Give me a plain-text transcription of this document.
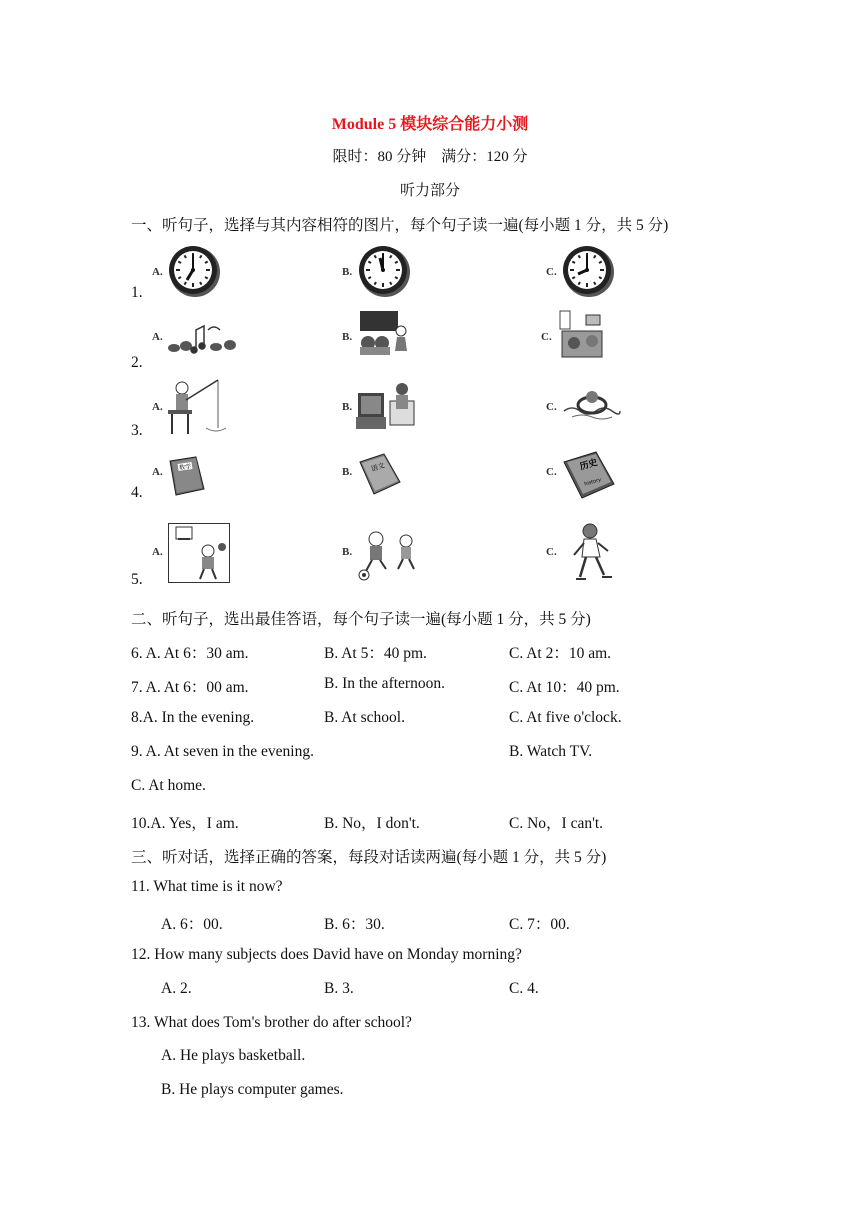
Module 5 模块综合能力小测
限时：80 分钟　满分：120 分
听力部分
一、听句子，选择与其内容相符的图片，每个句子读一遍(每小题 1 分，共 5 分)
1.
A.	B.	C.
2.
A.	B.	C.
3.
A.	B.	C.
4.
A.	B.	C.
数学	语文	历史
history
5.
A.	B.	C.
二、听句子，选出最佳答语，每个句子读一遍(每小题 1 分，共 5 分)
6. A. At 6：30 am.	B. At 5：40 pm.	C. At 2：10 am.
7. A. At 6：00 am.	B. In the afternoon.	C. At 10：40 pm.
8.A. In the evening.	B. At school.	C. At five o'clock.
9. A. At seven in the evening.	B. Watch TV.
C. At home.
10.A. Yes，I am.	B. No，I don't.	C. No，I can't.
三、听对话，选择正确的答案，每段对话读两遍(每小题 1 分，共 5 分)
11. What time is it now?
A. 6：00.	B. 6：30.	C. 7：00.
12. How many subjects does David have on Monday morning?
A. 2.	B. 3.	C. 4.
13. What does Tom's brother do after school?
A. He plays basketball.
B. He plays computer games.
